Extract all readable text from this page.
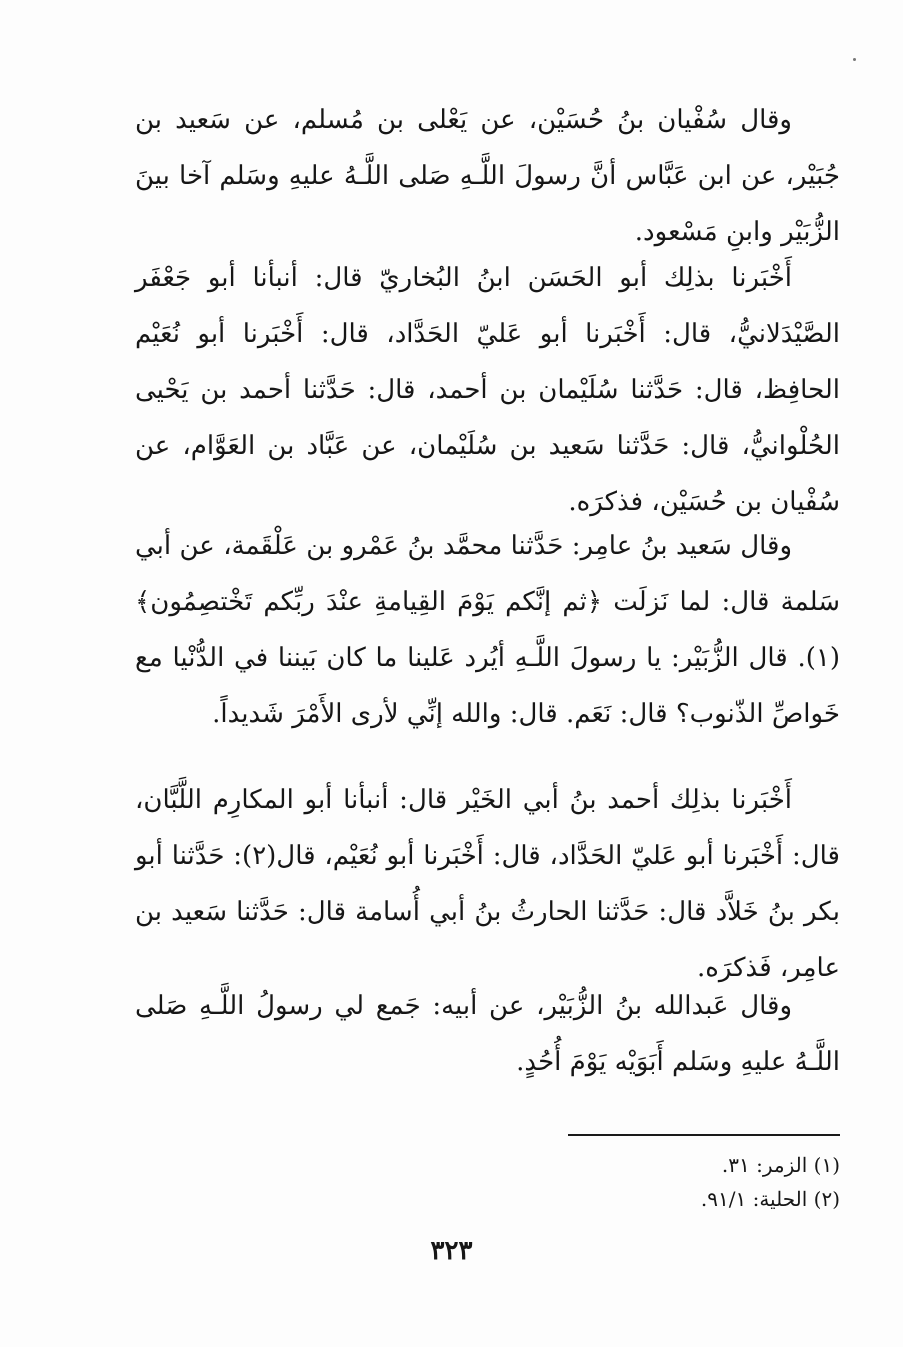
وقال سُفْيان بنُ حُسَيْن، عن يَعْلى بن مُسلم، عن سَعيد بن جُبَيْر، عن ابن عَبَّاس أنَّ رسولَ اللَّـهِ صَلى اللَّـهُ عليهِ وسَلم آخا بينَ الزُّبَيْر وابنِ مَسْعود.

أَخْبَرنا بذلِك أبو الحَسَن ابنُ البُخاريّ قال: أنبأنا أبو جَعْفَر الصَّيْدَلانيُّ، قال: أَخْبَرنا أبو عَليّ الحَدَّاد، قال: أَخْبَرنا أبو نُعَيْم الحافِظ، قال: حَدَّثنا سُلَيْمان بن أحمد، قال: حَدَّثنا أحمد بن يَحْيى الحُلْوانيُّ، قال: حَدَّثنا سَعيد بن سُلَيْمان، عن عَبَّاد بن العَوَّام، عن سُفْيان بن حُسَيْن، فذكرَه.

وقال سَعيد بنُ عامِر: حَدَّثنا محمَّد بنُ عَمْرو بن عَلْقَمة، عن أبي سَلمة قال: لما نَزلَت ﴿ثم إنَّكم يَوْمَ القِيامةِ عنْدَ ربِّكم تَخْتصِمُون﴾(١). قال الزُّبَيْر: يا رسولَ اللَّـهِ أيُرد عَلينا ما كان بَيننا في الدُّنْيا مع خَواصِّ الذّنوب؟ قال: نَعَم. قال: والله إنِّي لأرى الأَمْرَ شَديداً.

أَخْبَرنا بذلِك أحمد بنُ أبي الخَيْر قال: أنبأنا أبو المكارِم اللَّبَّان، قال: أَخْبَرنا أبو عَليّ الحَدَّاد، قال: أَخْبَرنا أبو نُعَيْم، قال(٢): حَدَّثنا أبو بكر بنُ خَلاَّد قال: حَدَّثنا الحارثُ بنُ أبي أُسامة قال: حَدَّثنا سَعيد بن عامِر، فَذكرَه.

وقال عَبدالله بنُ الزُّبَيْر، عن أبيه: جَمع لي رسولُ اللَّـهِ صَلى اللَّـهُ عليهِ وسَلم أَبَوَيْه يَوْمَ أُحُدٍ.

(١) الزمر: ٣١.
(٢) الحلية: ٩١/١.
٣٢٣
